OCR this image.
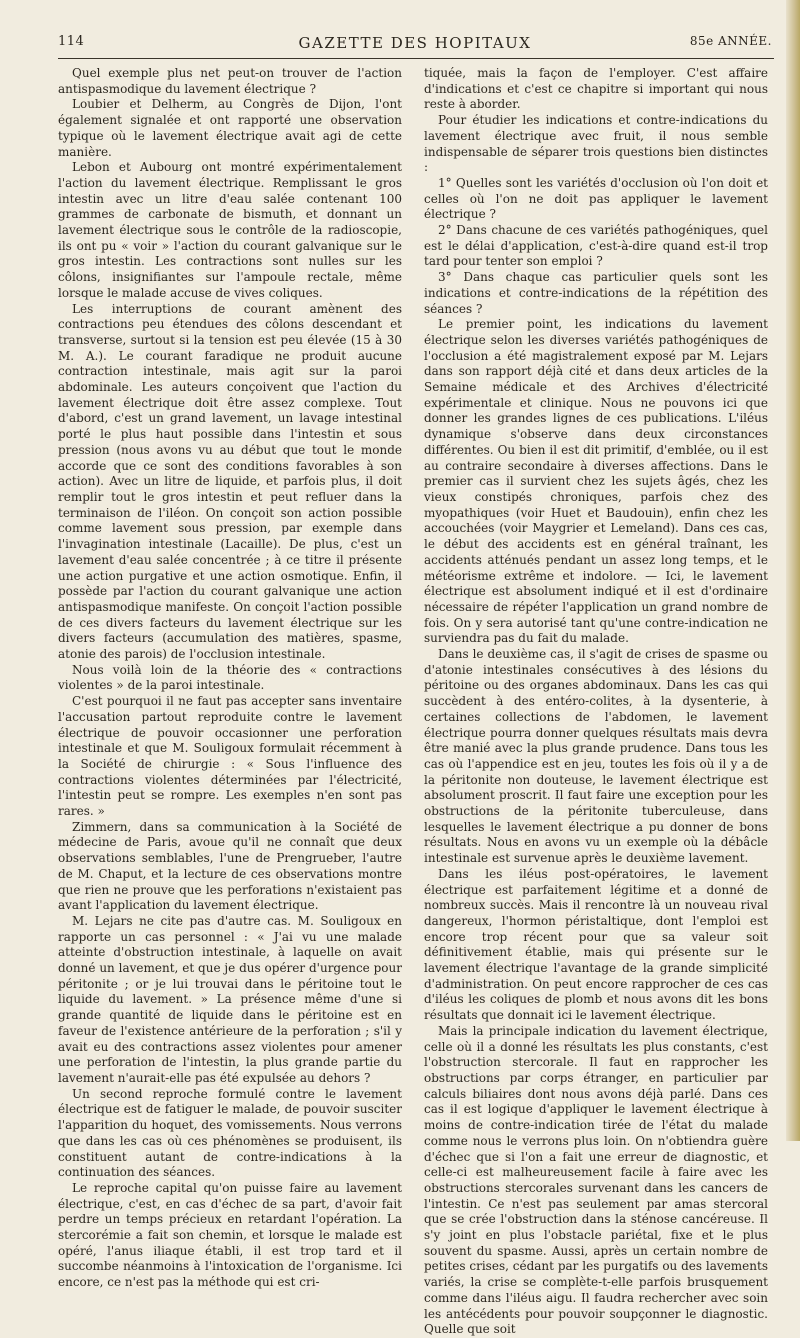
114	GAZETTE DES HOPITAUX	85e ANNÉE.

Quel exemple plus net peut-on trouver de l'action antispasmodique du lavement électrique ?

Loubier et Delherm, au Congrès de Dijon, l'ont également signalée et ont rapporté une observation typique où le lavement électrique avait agi de cette manière.

Lebon et Aubourg ont montré expérimentalement l'action du lavement électrique. Remplissant le gros intestin avec un litre d'eau salée contenant 100 grammes de carbonate de bismuth, et donnant un lavement électrique sous le contrôle de la radioscopie, ils ont pu « voir » l'action du courant galvanique sur le gros intestin. Les contractions sont nulles sur les côlons, insignifiantes sur l'ampoule rectale, même lorsque le malade accuse de vives coliques.

Les interruptions de courant amènent des contractions peu étendues des côlons descendant et transverse, surtout si la tension est peu élevée (15 à 30 M. A.). Le courant faradique ne produit aucune contraction intestinale, mais agit sur la paroi abdominale. Les auteurs conçoivent que l'action du lavement électrique doit être assez complexe. Tout d'abord, c'est un grand lavement, un lavage intestinal porté le plus haut possible dans l'intestin et sous pression (nous avons vu au début que tout le monde accorde que ce sont des conditions favorables à son action). Avec un litre de liquide, et parfois plus, il doit remplir tout le gros intestin et peut refluer dans la terminaison de l'iléon. On conçoit son action possible comme lavement sous pression, par exemple dans l'invagination intestinale (Lacaille). De plus, c'est un lavement d'eau salée concentrée ; à ce titre il présente une action purgative et une action osmotique. Enfin, il possède par l'action du courant galvanique une action antispasmodique manifeste. On conçoit l'action possible de ces divers facteurs du lavement électrique sur les divers facteurs (accumulation des matières, spasme, atonie des parois) de l'occlusion intestinale.

Nous voilà loin de la théorie des « contractions violentes » de la paroi intestinale.

C'est pourquoi il ne faut pas accepter sans inventaire l'accusation partout reproduite contre le lavement électrique de pouvoir occasionner une perforation intestinale et que M. Souligoux formulait récemment à la Société de chirurgie : « Sous l'influence des contractions violentes déterminées par l'électricité, l'intestin peut se rompre. Les exemples n'en sont pas rares. »

Zimmern, dans sa communication à la Société de médecine de Paris, avoue qu'il ne connaît que deux observations semblables, l'une de Prengrueber, l'autre de M. Chaput, et la lecture de ces observations montre que rien ne prouve que les perforations n'existaient pas avant l'application du lavement électrique.

M. Lejars ne cite pas d'autre cas. M. Souligoux en rapporte un cas personnel : « J'ai vu une malade atteinte d'obstruction intestinale, à laquelle on avait donné un lavement, et que je dus opérer d'urgence pour péritonite ; or je lui trouvai dans le péritoine tout le liquide du lavement. » La présence même d'une si grande quantité de liquide dans le péritoine est en faveur de l'existence antérieure de la perforation ; s'il y avait eu des contractions assez violentes pour amener une perforation de l'intestin, la plus grande partie du lavement n'aurait-elle pas été expulsée au dehors ?

Un second reproche formulé contre le lavement électrique est de fatiguer le malade, de pouvoir susciter l'apparition du hoquet, des vomissements. Nous verrons que dans les cas où ces phénomènes se produisent, ils constituent autant de contre-indications à la continuation des séances.

Le reproche capital qu'on puisse faire au lavement électrique, c'est, en cas d'échec de sa part, d'avoir fait perdre un temps précieux en retardant l'opération. La stercorémie a fait son chemin, et lorsque le malade est opéré, l'anus iliaque établi, il est trop tard et il succombe néanmoins à l'intoxication de l'organisme. Ici encore, ce n'est pas la méthode qui est cri-

tiquée, mais la façon de l'employer. C'est affaire d'indications et c'est ce chapitre si important qui nous reste à aborder.

Pour étudier les indications et contre-indications du lavement électrique avec fruit, il nous semble indispensable de séparer trois questions bien distinctes :

1° Quelles sont les variétés d'occlusion où l'on doit et celles où l'on ne doit pas appliquer le lavement électrique ?

2° Dans chacune de ces variétés pathogéniques, quel est le délai d'application, c'est-à-dire quand est-il trop tard pour tenter son emploi ?

3° Dans chaque cas particulier quels sont les indications et contre-indications de la répétition des séances ?

Le premier point, les indications du lavement électrique selon les diverses variétés pathogéniques de l'occlusion a été magistralement exposé par M. Lejars dans son rapport déjà cité et dans deux articles de la Semaine médicale et des Archives d'électricité expérimentale et clinique. Nous ne pouvons ici que donner les grandes lignes de ces publications. L'iléus dynamique s'observe dans deux circonstances différentes. Ou bien il est dit primitif, d'emblée, ou il est au contraire secondaire à diverses affections. Dans le premier cas il survient chez les sujets âgés, chez les vieux constipés chroniques, parfois chez des myopathiques (voir Huet et Baudouin), enfin chez les accouchées (voir Maygrier et Lemeland). Dans ces cas, le début des accidents est en général traînant, les accidents atténués pendant un assez long temps, et le météorisme extrême et indolore. — Ici, le lavement électrique est absolument indiqué et il est d'ordinaire nécessaire de répéter l'application un grand nombre de fois. On y sera autorisé tant qu'une contre-indication ne surviendra pas du fait du malade.

Dans le deuxième cas, il s'agit de crises de spasme ou d'atonie intestinales consécutives à des lésions du péritoine ou des organes abdominaux. Dans les cas qui succèdent à des entéro-colites, à la dysenterie, à certaines collections de l'abdomen, le lavement électrique pourra donner quelques résultats mais devra être manié avec la plus grande prudence. Dans tous les cas où l'appendice est en jeu, toutes les fois où il y a de la péritonite non douteuse, le lavement électrique est absolument proscrit. Il faut faire une exception pour les obstructions de la péritonite tuberculeuse, dans lesquelles le lavement électrique a pu donner de bons résultats. Nous en avons vu un exemple où la débâcle intestinale est survenue après le deuxième lavement.

Dans les iléus post-opératoires, le lavement électrique est parfaitement légitime et a donné de nombreux succès. Mais il rencontre là un nouveau rival dangereux, l'hormon péristaltique, dont l'emploi est encore trop récent pour que sa valeur soit définitivement établie, mais qui présente sur le lavement électrique l'avantage de la grande simplicité d'administration. On peut encore rapprocher de ces cas d'iléus les coliques de plomb et nous avons dit les bons résultats que donnait ici le lavement électrique.

Mais la principale indication du lavement électrique, celle où il a donné les résultats les plus constants, c'est l'obstruction stercorale. Il faut en rapprocher les obstructions par corps étranger, en particulier par calculs biliaires dont nous avons déjà parlé. Dans ces cas il est logique d'appliquer le lavement électrique à moins de contre-indication tirée de l'état du malade comme nous le verrons plus loin. On n'obtiendra guère d'échec que si l'on a fait une erreur de diagnostic, et celle-ci est malheureusement facile à faire avec les obstructions stercorales survenant dans les cancers de l'intestin. Ce n'est pas seulement par amas stercoral que se crée l'obstruction dans la sténose cancéreuse. Il s'y joint en plus l'obstacle pariétal, fixe et le plus souvent du spasme. Aussi, après un certain nombre de petites crises, cédant par les purgatifs ou des lavements variés, la crise se complète-t-elle parfois brusquement comme dans l'iléus aigu. Il faudra rechercher avec soin les antécédents pour pouvoir soupçonner le diagnostic. Quelle que soit
